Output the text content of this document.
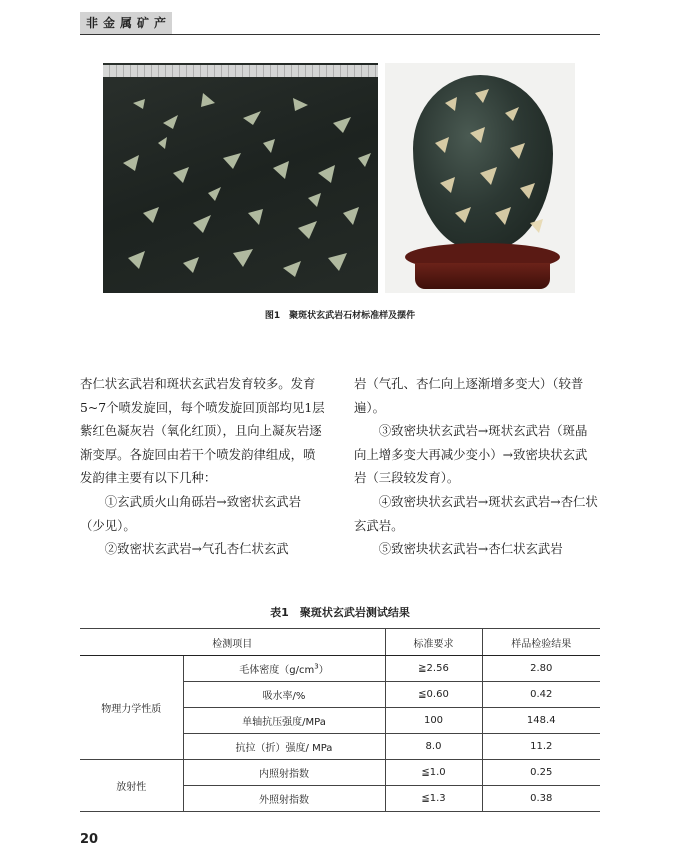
非金属矿产
图1　聚斑状玄武岩石材标准样及摆件

杏仁状玄武岩和斑状玄武岩发育较多。发育5~7个喷发旋回，每个喷发旋回顶部均见1层紫红色凝灰岩（氧化红顶），且向上凝灰岩逐渐变厚。各旋回由若干个喷发韵律组成，喷发韵律主要有以下几种：

①玄武质火山角砾岩→致密状玄武岩（少见）。

②致密状玄武岩→气孔杏仁状玄武

岩（气孔、杏仁向上逐渐增多变大）（较普遍）。

③致密块状玄武岩→斑状玄武岩（斑晶向上增多变大再减少变小）→致密块状玄武岩（三段较发育）。

④致密块状玄武岩→斑状玄武岩→杏仁状玄武岩。

⑤致密块状玄武岩→杏仁状玄武岩

表1　聚斑状玄武岩测试结果
检测项目		标准要求	样品检验结果
物理力学性质	毛体密度$(g/cm^3)$	≧2.56	2.80
	吸水率/%	≦0.60	0.42
	单轴抗压强度/MPa	100	148.4
	抗拉（折）强度/ MPa	8.0	11.2
放射性	内照射指数	≦1.0	0.25
	外照射指数	≦1.3	0.38
20
